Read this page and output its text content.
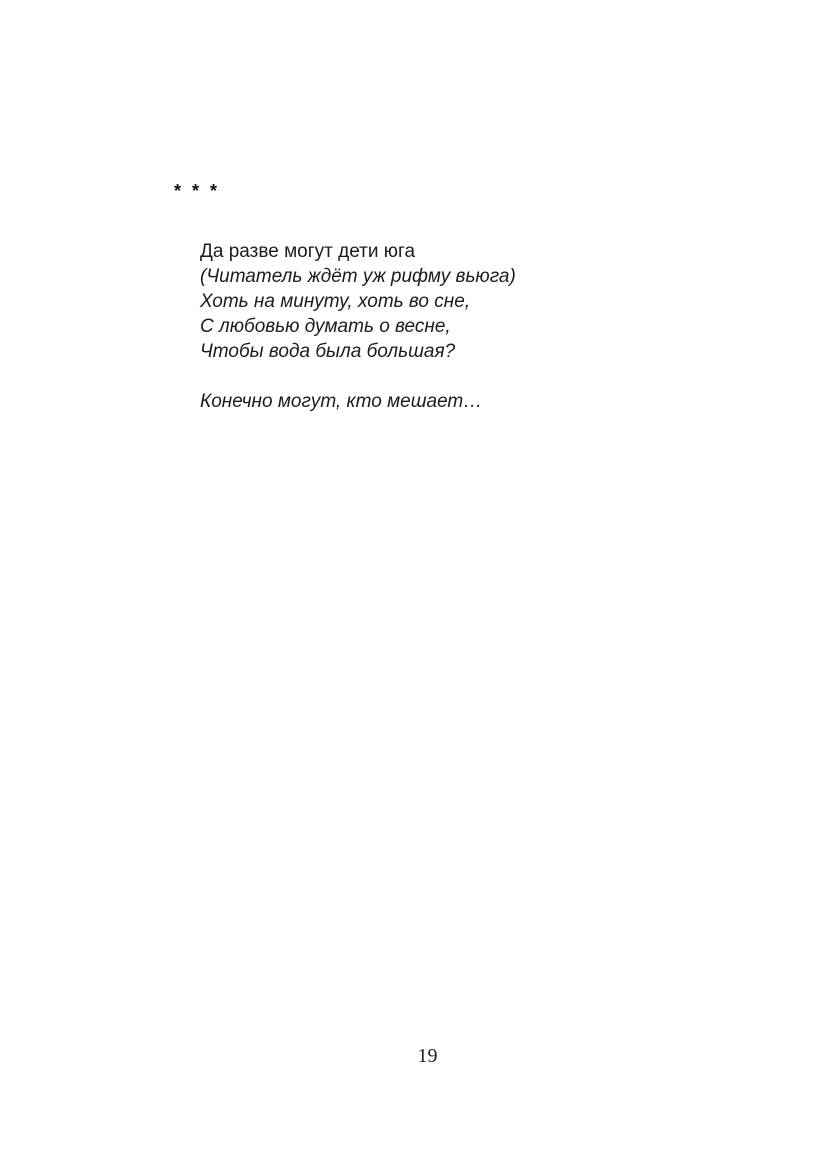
* * *
Да разве могут дети юга
(Читатель ждёт уж рифму вьюга)
Хоть на минуту, хоть во сне,
С любовью думать о весне,
Чтобы вода была большая?
Конечно могут, кто мешает…
19
